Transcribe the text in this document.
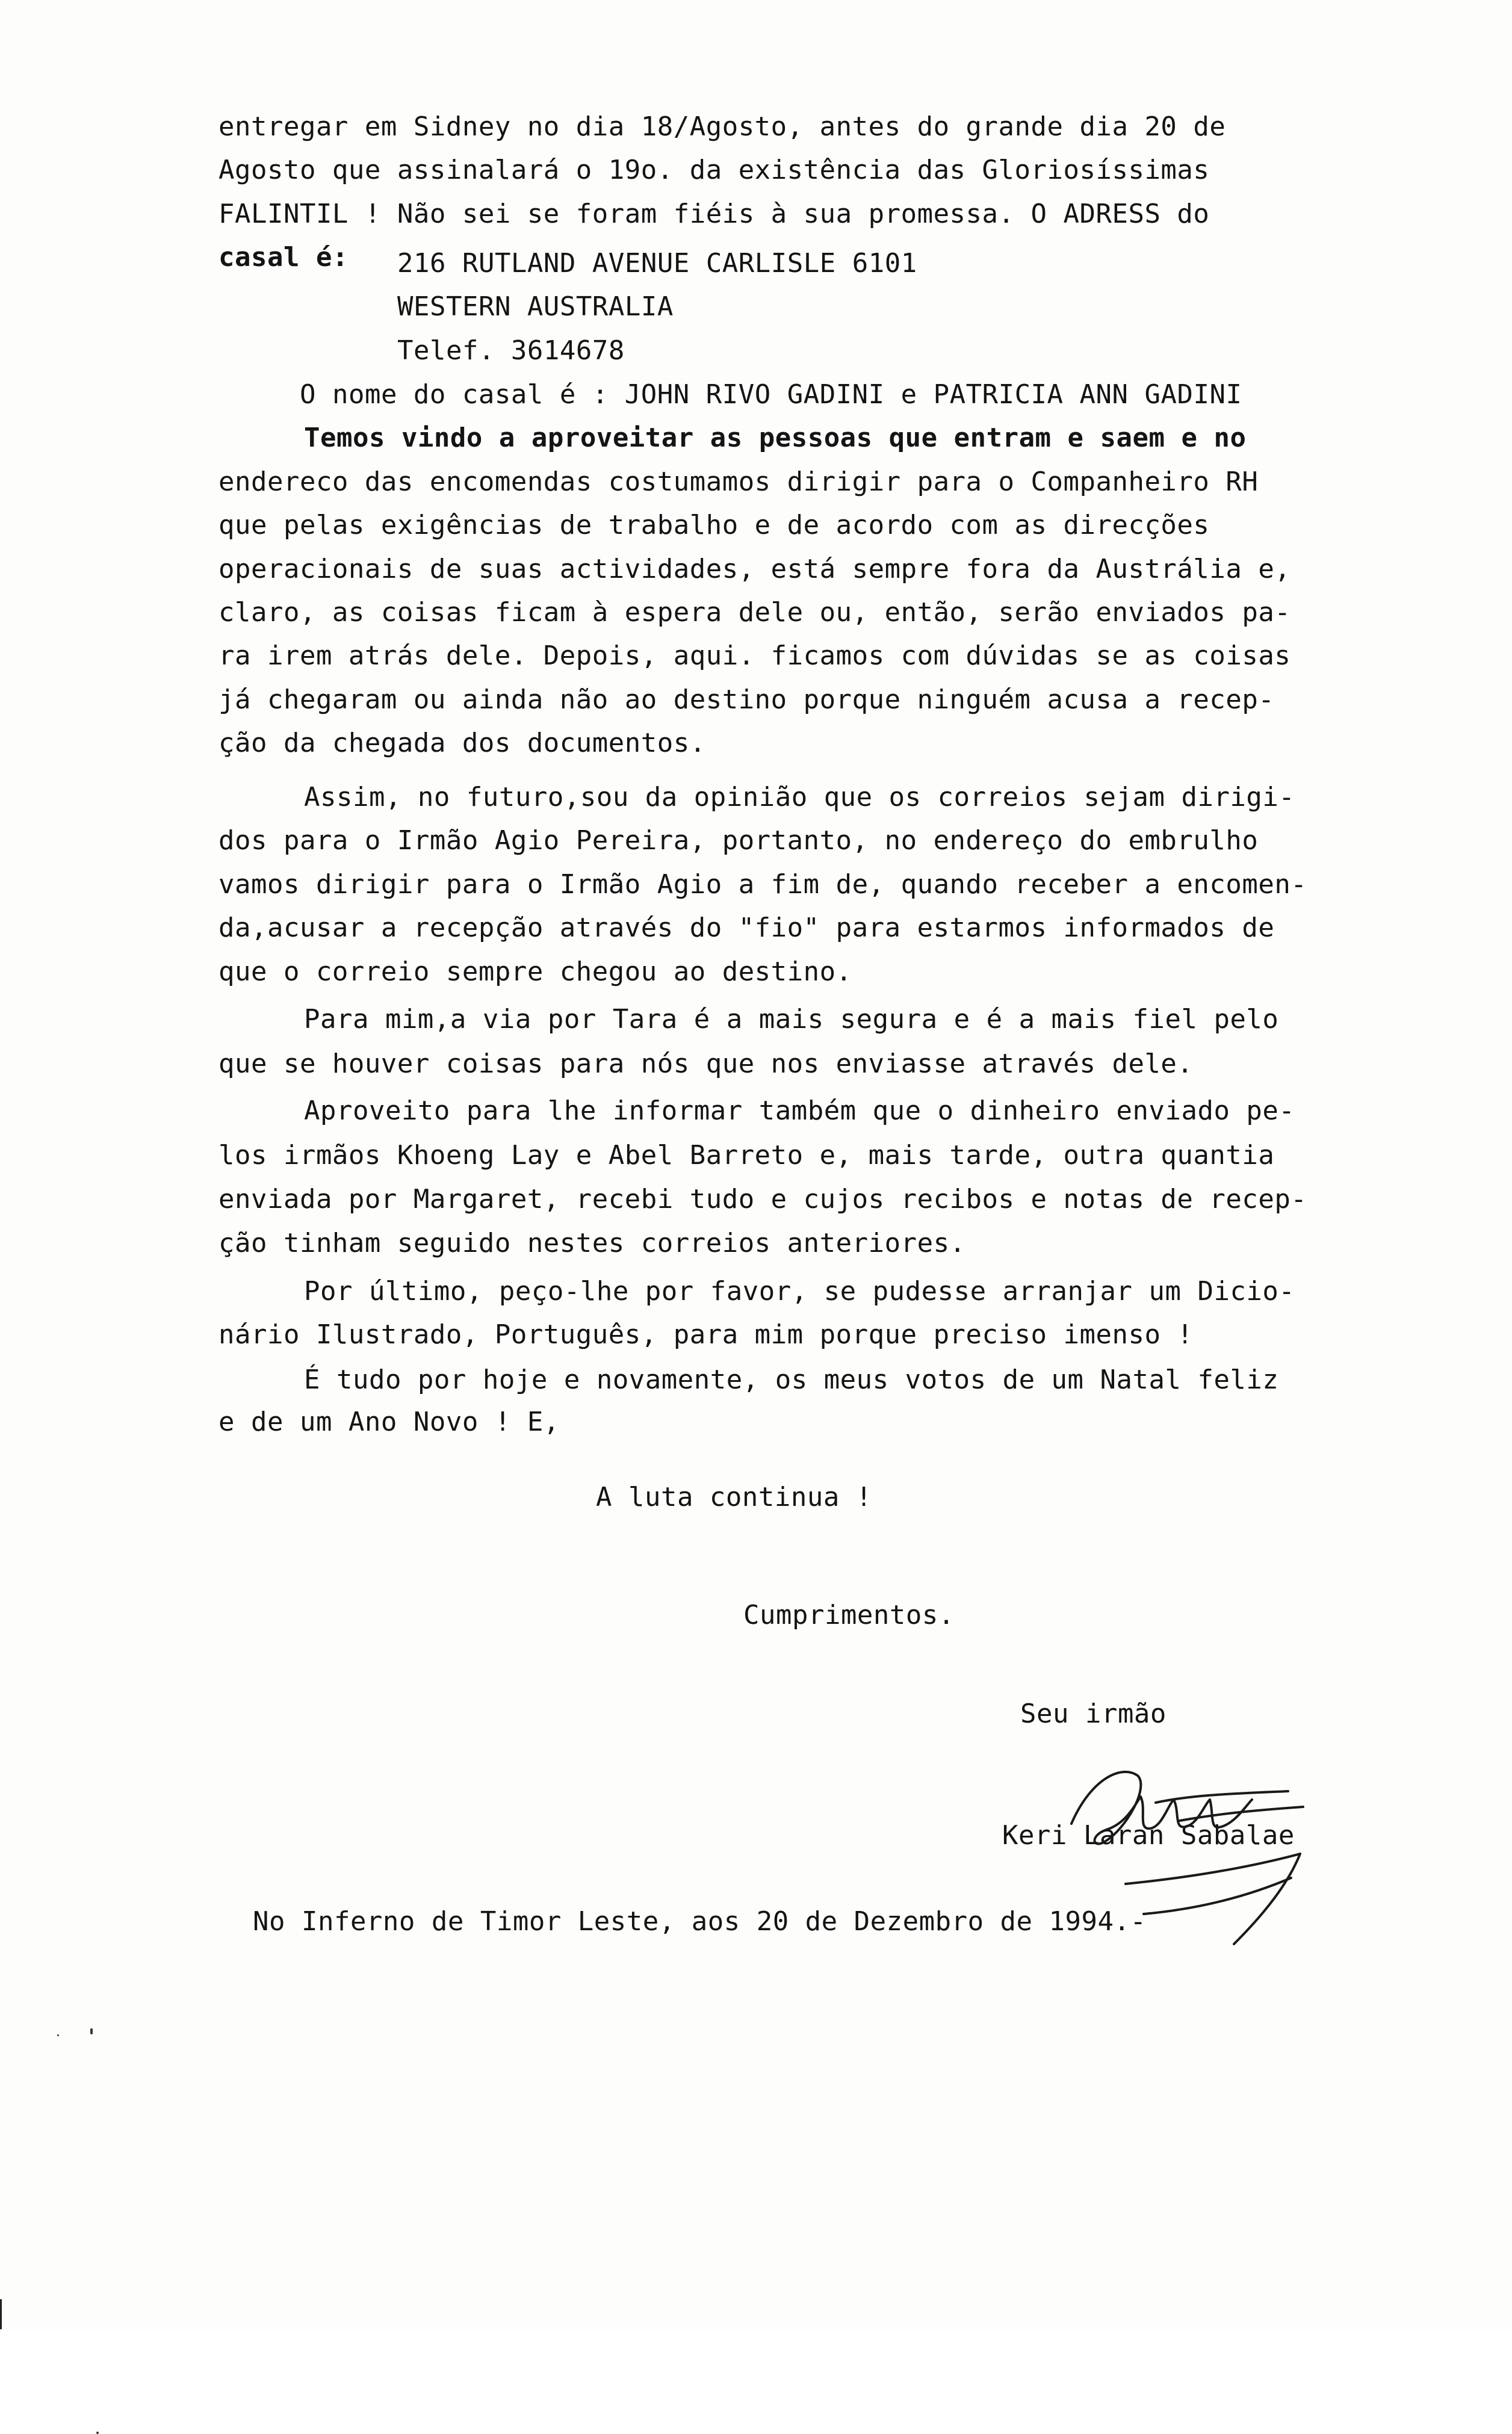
entregar em Sidney no dia 18/Agosto, antes do grande dia 20 de
Agosto que assinalará o 19o. da existência das Gloriosíssimas
FALINTIL ! Não sei se foram fiéis à sua promessa. O ADRESS do
casal é: 216 RUTLAND AVENUE CARLISLE 6101
WESTERN AUSTRALIA
Telef. 3614678
O nome do casal é : JOHN RIVO GADINI e PATRICIA ANN GADINI
Temos vindo a aproveitar as pessoas que entram e saem e no
endereco das encomendas costumamos dirigir para o Companheiro RH
que pelas exigências de trabalho e de acordo com as direcções
operacionais de suas actividades, está sempre fora da Austrália e,
claro, as coisas ficam à espera dele ou, então, serão enviados pa-
ra irem atrás dele. Depois, aqui. ficamos com dúvidas se as coisas
já chegaram ou ainda não ao destino porque ninguém acusa a recep-
ção da chegada dos documentos.
Assim, no futuro,sou da opinião que os correios sejam dirigi-
dos para o Irmão Agio Pereira, portanto, no endereço do embrulho
vamos dirigir para o Irmão Agio a fim de, quando receber a encomen-
da,acusar a recepção através do "fio" para estarmos informados de
que o correio sempre chegou ao destino.
Para mim,a via por Tara é a mais segura e é a mais fiel pelo
que se houver coisas para nós que nos enviasse através dele.
Aproveito para lhe informar também que o dinheiro enviado pe-
los irmãos Khoeng Lay e Abel Barreto e, mais tarde, outra quantia
enviada por Margaret, recebi tudo e cujos recibos e notas de recep-
ção tinham seguido nestes correios anteriores.
Por último, peço-lhe por favor, se pudesse arranjar um Dicio-
nário Ilustrado, Português, para mim porque preciso imenso !
É tudo por hoje e novamente, os meus votos de um Natal feliz
e de um Ano Novo ! E,
A luta continua !
Cumprimentos.
Seu irmão
Keri Laran Sabalae
No Inferno de Timor Leste, aos 20 de Dezembro de 1994.-
